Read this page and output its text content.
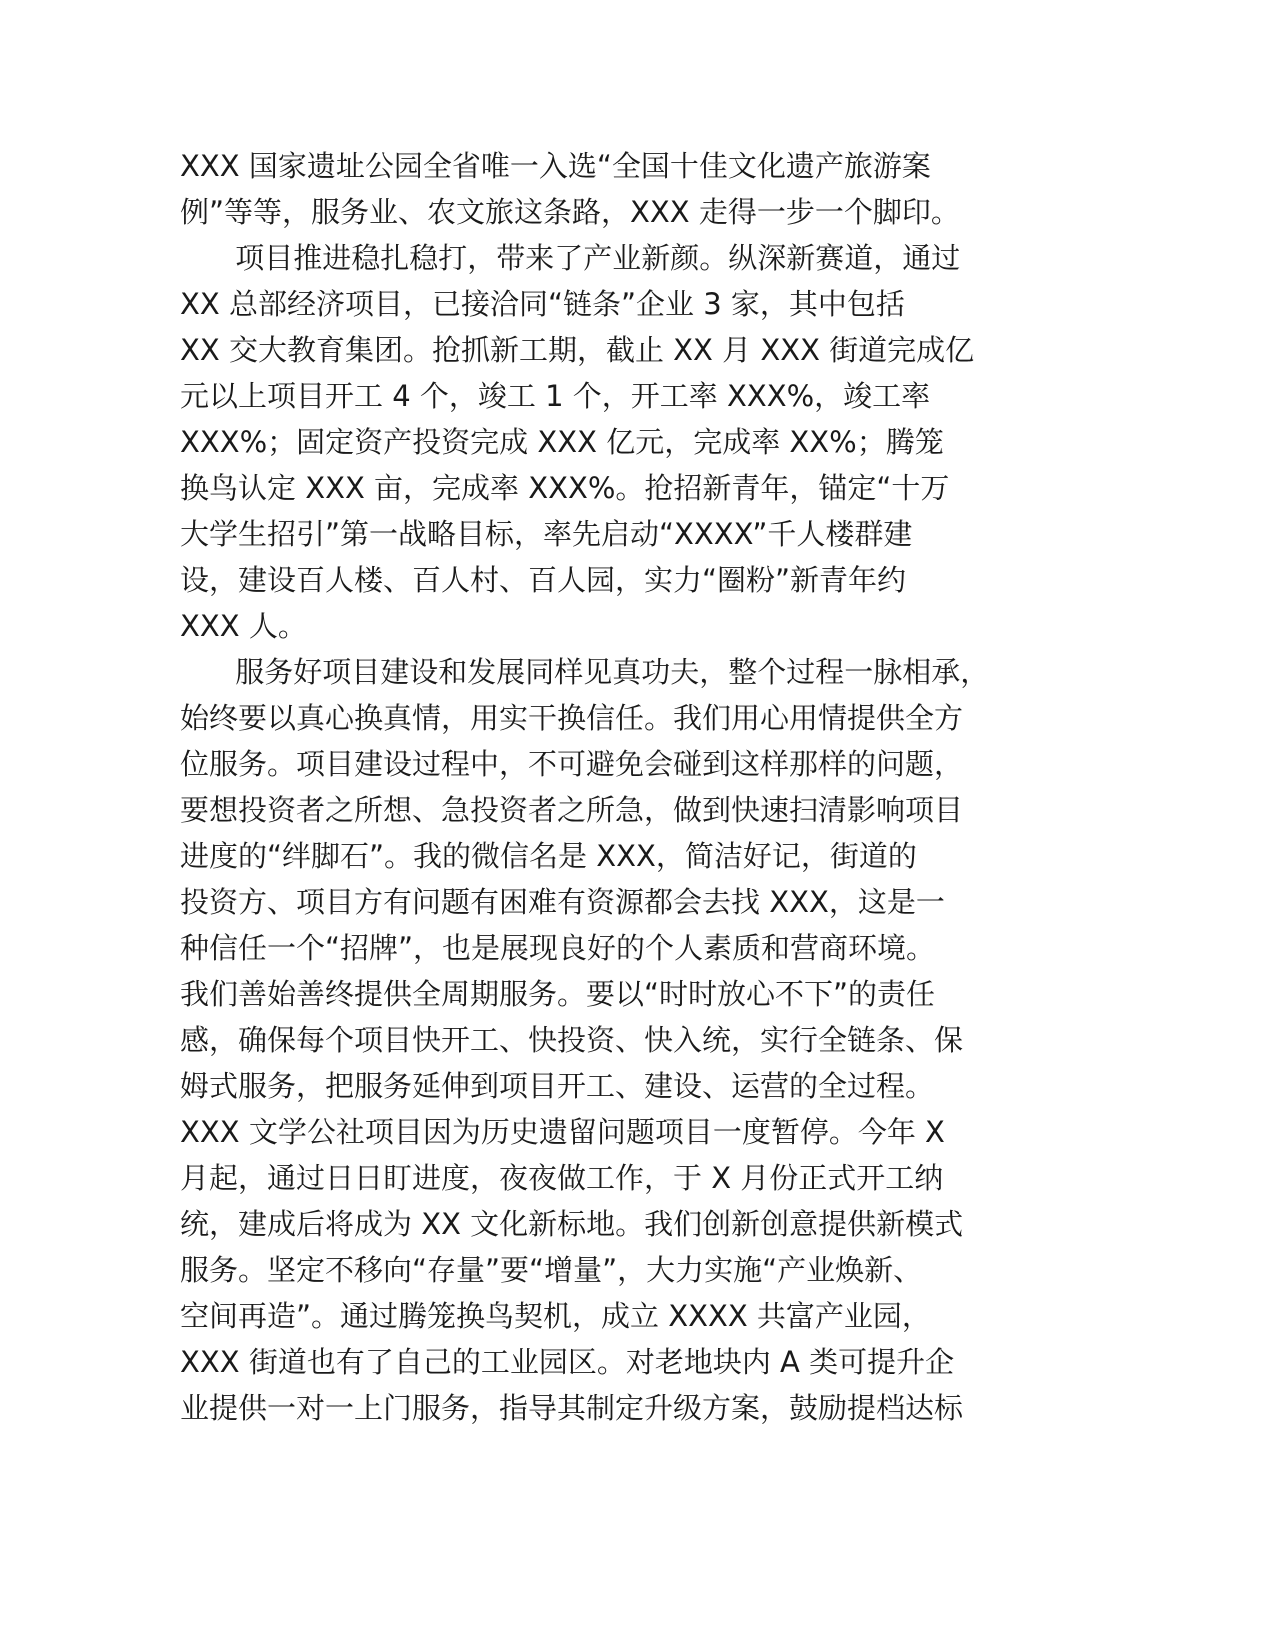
XXX 国家遗址公园全省唯一入选“全国十佳文化遗产旅游案
例”等等，服务业、农文旅这条路，XXX 走得一步一个脚印。
项目推进稳扎稳打，带来了产业新颜。纵深新赛道，通过
XX 总部经济项目，已接洽同“链条”企业 3 家，其中包括
XX 交大教育集团。抢抓新工期，截止 XX 月 XXX 街道完成亿
元以上项目开工 4 个，竣工 1 个，开工率 XXX%，竣工率
XXX%；固定资产投资完成 XXX 亿元，完成率 XX%；腾笼
换鸟认定 XXX 亩，完成率 XXX%。抢招新青年，锚定“十万
大学生招引”第一战略目标，率先启动“XXXX”千人楼群建
设，建设百人楼、百人村、百人园，实力“圈粉”新青年约
XXX 人。
服务好项目建设和发展同样见真功夫，整个过程一脉相承，
始终要以真心换真情，用实干换信任。我们用心用情提供全方
位服务。项目建设过程中，不可避免会碰到这样那样的问题，
要想投资者之所想、急投资者之所急，做到快速扫清影响项目
进度的“绊脚石”。我的微信名是 XXX，简洁好记，街道的
投资方、项目方有问题有困难有资源都会去找 XXX，这是一
种信任一个“招牌”，也是展现良好的个人素质和营商环境。
我们善始善终提供全周期服务。要以“时时放心不下”的责任
感，确保每个项目快开工、快投资、快入统，实行全链条、保
姆式服务，把服务延伸到项目开工、建设、运营的全过程。
XXX 文学公社项目因为历史遗留问题项目一度暂停。今年 X
月起，通过日日盯进度，夜夜做工作，于 X 月份正式开工纳
统，建成后将成为 XX 文化新标地。我们创新创意提供新模式
服务。坚定不移向“存量”要“增量”，大力实施“产业焕新、
空间再造”。通过腾笼换鸟契机，成立 XXXX 共富产业园，
XXX 街道也有了自己的工业园区。对老地块内 A 类可提升企
业提供一对一上门服务，指导其制定升级方案，鼓励提档达标
